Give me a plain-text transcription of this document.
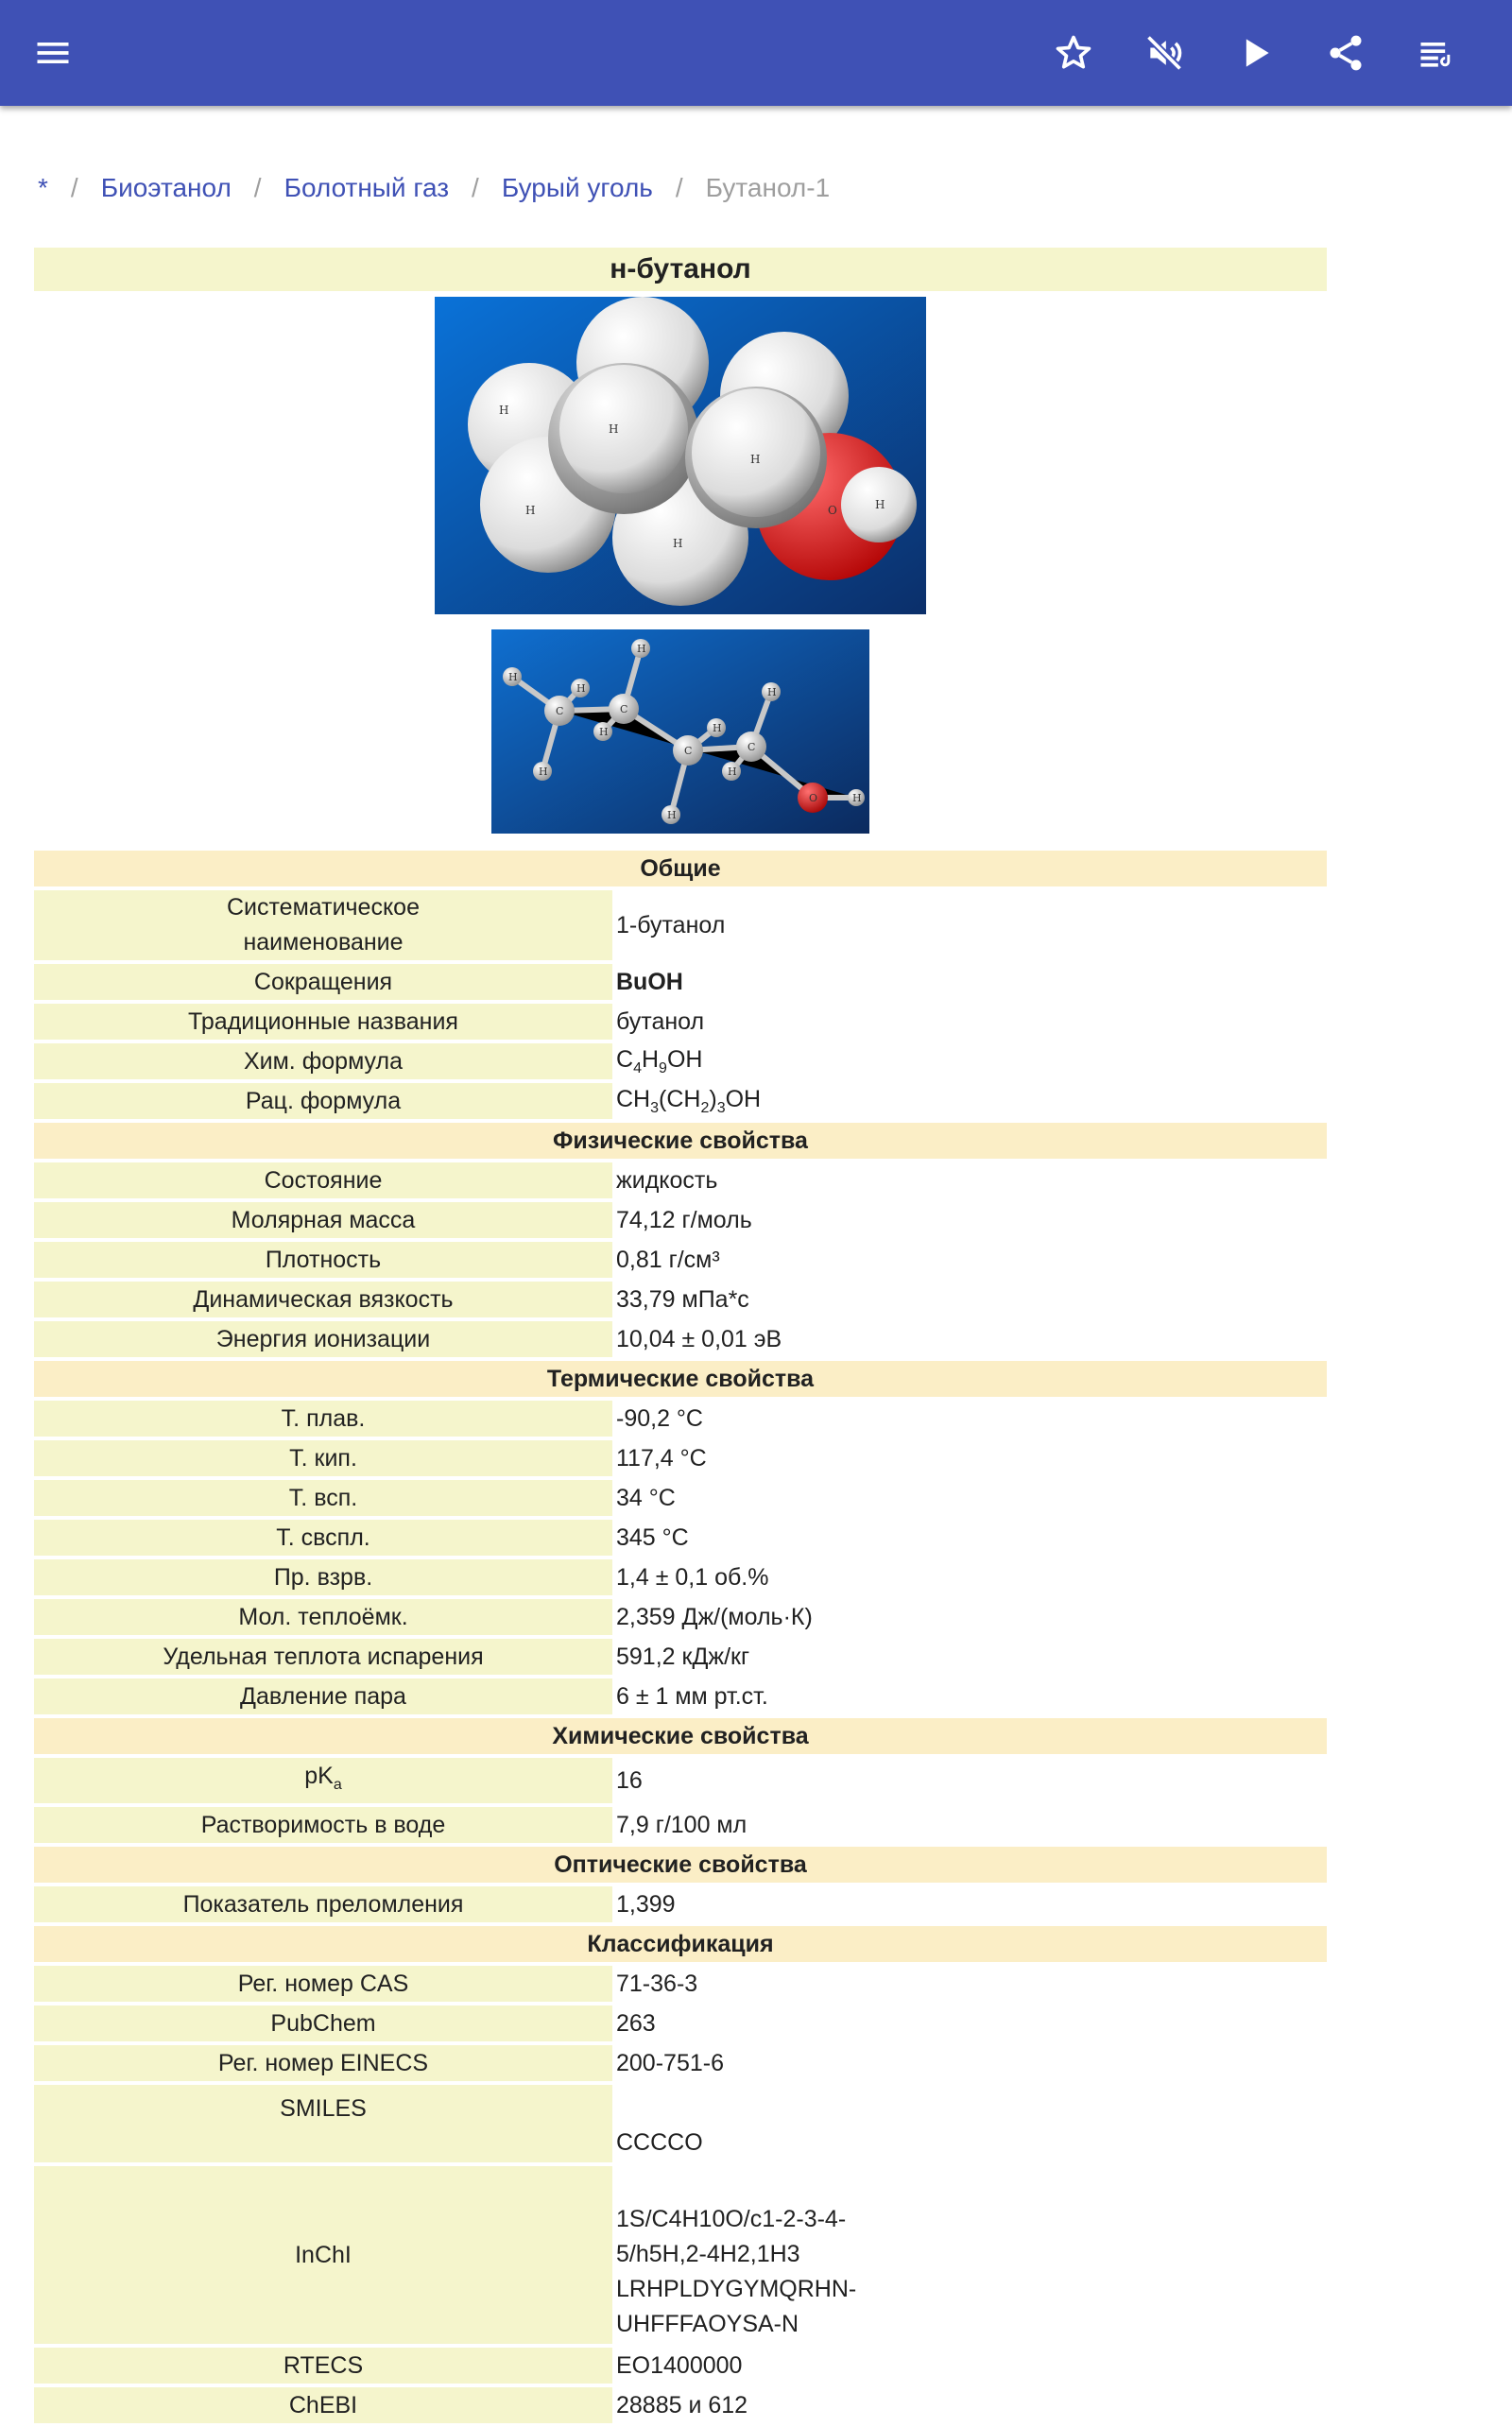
* / Биоэтанол / Болотный газ / Бурый уголь / Бутанол-1
н-бутанол
H
H
H
H
H
O	H
H
H
H
H
H	H
H
H
H
H
C	C
C	C
O
Общие	
Систематическое
наименование	1-бутанол
Сокращения	BuOH
Традиционные названия	бутанол
Хим. формула	$C_4H_9OH$
Рац. формула	$CH_3(CH_2)_3OH$
Физические свойства	
Состояние	жидкость
Молярная масса	74,12 г/моль
Плотность	0,81 г/см³
Динамическая вязкость	33,79 мПа*с
Энергия ионизации	10,04 ± 0,01 эВ
Термические свойства	
Т. плав.	-90,2 °C
Т. кип.	117,4 °C
Т. всп.	34 °C
Т. свспл.	345 °C
Пр. взрв.	1,4 ± 0,1 об.%
Мол. теплоёмк.	2,359 Дж/(моль·К)
Удельная теплота испарения	591,2 кДж/кг
Давление пара	6 ± 1 мм рт.ст.
Химические свойства	
$pK_a$	16
Растворимость в воде	7,9 г/100 мл
Оптические свойства	
Показатель преломления	1,399
Классификация	
Рег. номер CAS	71-36-3
PubChem	263
Рег. номер EINECS	200-751-6
SMILES	CCCCO
InChI	1S/C4H10O/c1-2-3-4-
5/h5H,2-4H2,1H3
LRHPLDYGYMQRHN-
UHFFFAOYSA-N
RTECS	EO1400000
ChEBI	28885 и 612
